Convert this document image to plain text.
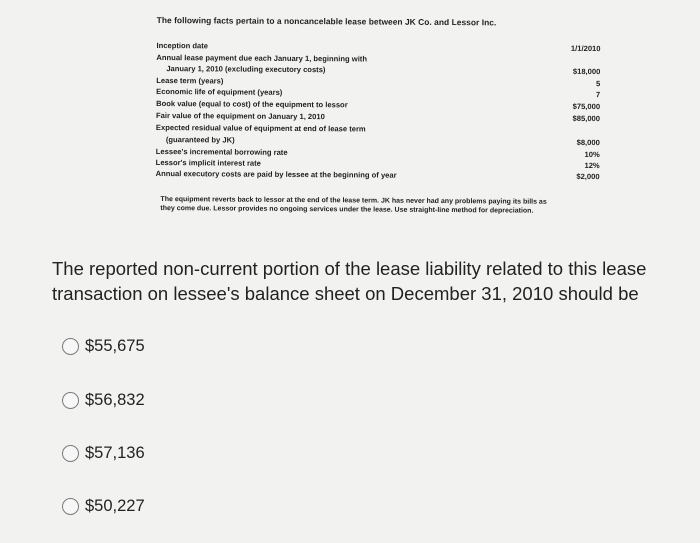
The following facts pertain to a noncancelable lease between JK Co. and Lessor Inc.
Inception date	1/1/2010
Annual lease payment due each January 1, beginning with
January 1, 2010 (excluding executory costs)	$18,000
Lease term (years)	5
Economic life of equipment (years)	7
Book value (equal to cost) of the equipment to lessor	$75,000
Fair value of the equipment on January 1, 2010	$85,000
Expected residual value of equipment at end of lease term
(guaranteed by JK)	$8,000
Lessee's incremental borrowing rate	10%
Lessor's implicit interest rate	12%
Annual executory costs are paid by lessee at the beginning of year	$2,000
The equipment reverts back to lessor at the end of the lease term. JK has never had any problems paying its bills as they come due. Lessor provides no ongoing services under the lease. Use straight-line method for depreciation.
The reported non-current portion of the lease liability related to this lease transaction on lessee's balance sheet on December 31, 2010 should be
$55,675
$56,832
$57,136
$50,227
